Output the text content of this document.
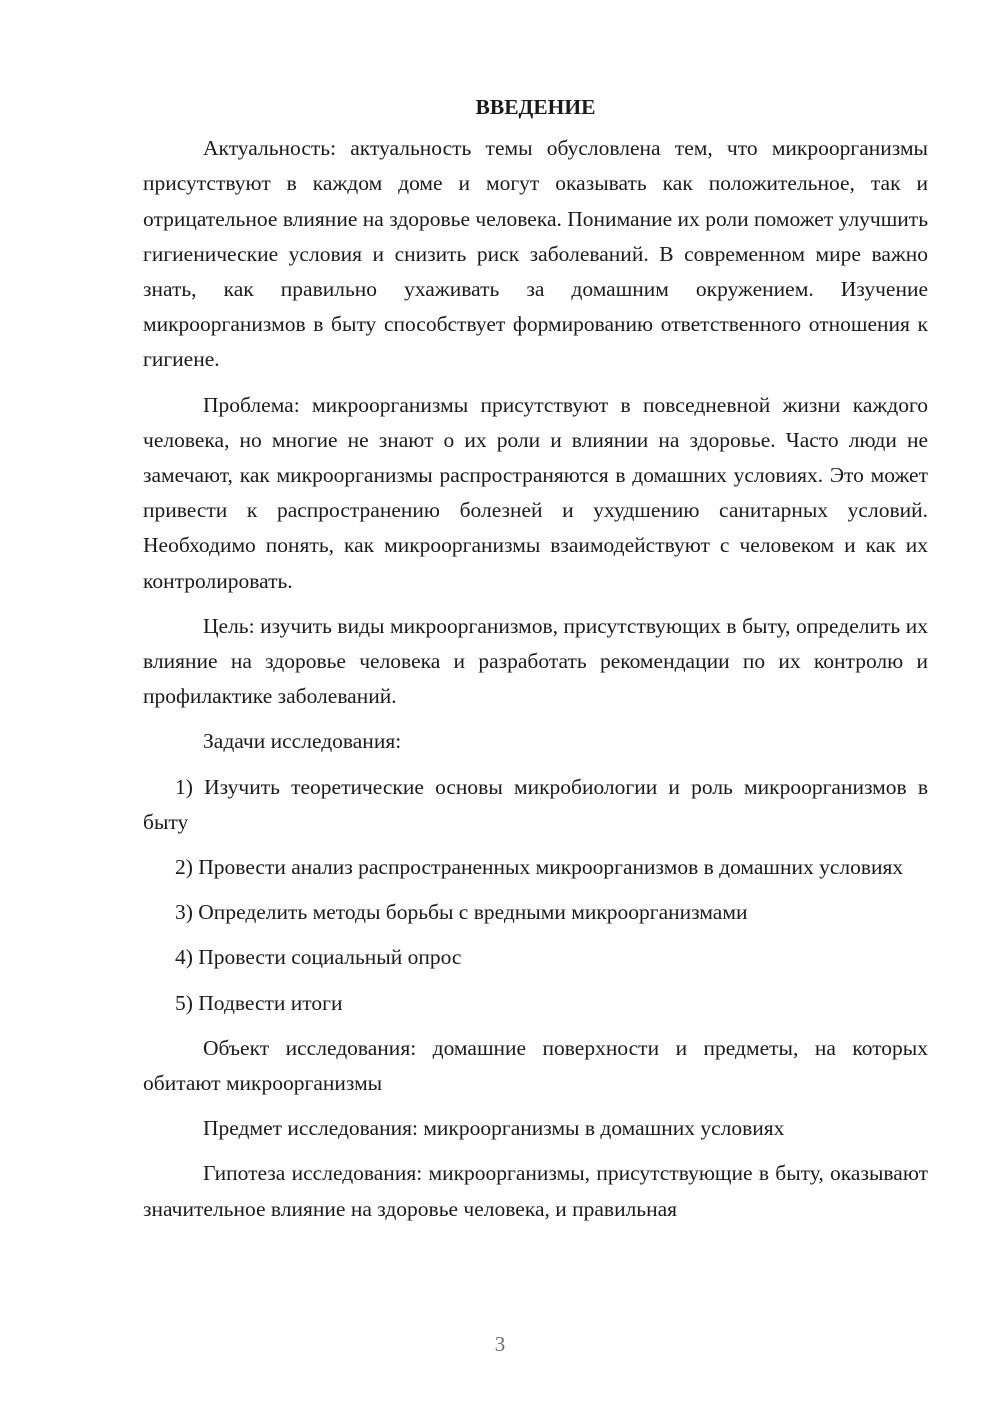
ВВЕДЕНИЕ

Актуальность: актуальность темы обусловлена тем, что микроорганизмы присутствуют в каждом доме и могут оказывать как положительное, так и отрицательное влияние на здоровье человека. Понимание их роли поможет улучшить гигиенические условия и снизить риск заболеваний. В современном мире важно знать, как правильно ухаживать за домашним окружением. Изучение микроорганизмов в быту способствует формированию ответственного отношения к гигиене.

Проблема: микроорганизмы присутствуют в повседневной жизни каждого человека, но многие не знают о их роли и влиянии на здоровье. Часто люди не замечают, как микроорганизмы распространяются в домашних условиях. Это может привести к распространению болезней и ухудшению санитарных условий. Необходимо понять, как микроорганизмы взаимодействуют с человеком и как их контролировать.

Цель: изучить виды микроорганизмов, присутствующих в быту, определить их влияние на здоровье человека и разработать рекомендации по их контролю и профилактике заболеваний.

Задачи исследования:

1) Изучить теоретические основы микробиологии и роль микроорганизмов в быту

2) Провести анализ распространенных микроорганизмов в домашних условиях

3) Определить методы борьбы с вредными микроорганизмами

4) Провести социальный опрос

5) Подвести итоги

Объект исследования: домашние поверхности и предметы, на которых обитают микроорганизмы

Предмет исследования: микроорганизмы в домашних условиях

Гипотеза исследования: микроорганизмы, присутствующие в быту, оказывают значительное влияние на здоровье человека, и правильная

3
